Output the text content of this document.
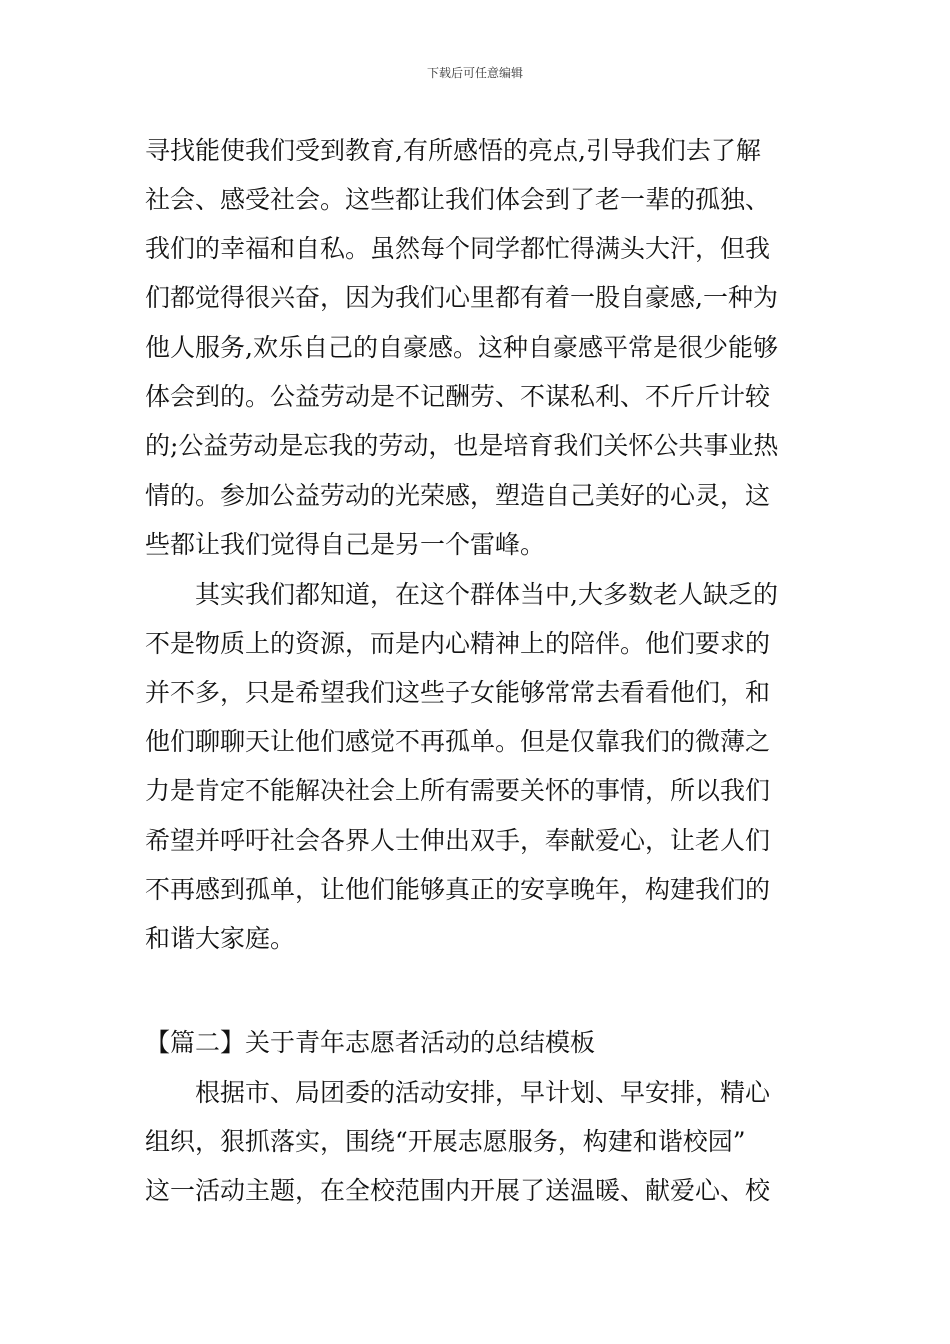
下载后可任意编辑
寻找能使我们受到教育,有所感悟的亮点,引导我们去了解
社会、感受社会。这些都让我们体会到了老一辈的孤独、
我们的幸福和自私。虽然每个同学都忙得满头大汗，但我
们都觉得很兴奋，因为我们心里都有着一股自豪感,一种为
他人服务,欢乐自己的自豪感。这种自豪感平常是很少能够
体会到的。公益劳动是不记酬劳、不谋私利、不斤斤计较
的;公益劳动是忘我的劳动，也是培育我们关怀公共事业热
情的。参加公益劳动的光荣感，塑造自己美好的心灵，这
些都让我们觉得自己是另一个雷峰。
其实我们都知道，在这个群体当中,大多数老人缺乏的
不是物质上的资源，而是内心精神上的陪伴。他们要求的
并不多，只是希望我们这些子女能够常常去看看他们，和
他们聊聊天让他们感觉不再孤单。但是仅靠我们的微薄之
力是肯定不能解决社会上所有需要关怀的事情，所以我们
希望并呼吁社会各界人士伸出双手，奉献爱心，让老人们
不再感到孤单，让他们能够真正的安享晚年，构建我们的
和谐大家庭。
【篇二】关于青年志愿者活动的总结模板
根据市、局团委的活动安排，早计划、早安排，精心
组织，狠抓落实，围绕“开展志愿服务，构建和谐校园”
这一活动主题，在全校范围内开展了送温暖、献爱心、校
